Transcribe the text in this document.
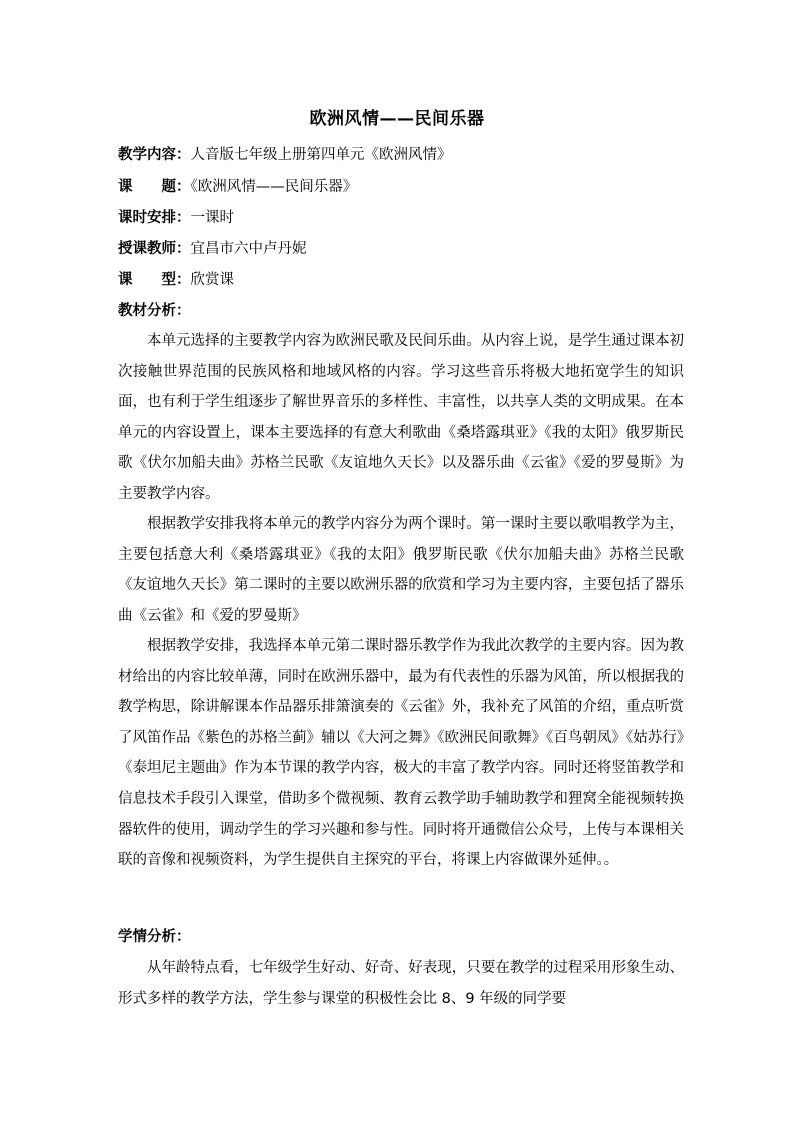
欧洲风情——民间乐器
教学内容：人音版七年级上册第四单元《欧洲风情》
课　　题：《欧洲风情——民间乐器》
课时安排：一课时
授课教师：宜昌市六中卢丹妮
课　　型：欣赏课
教材分析：
本单元选择的主要教学内容为欧洲民歌及民间乐曲。从内容上说，是学生通过课本初次接触世界范围的民族风格和地域风格的内容。学习这些音乐将极大地拓宽学生的知识面，也有利于学生组逐步了解世界音乐的多样性、丰富性，以共享人类的文明成果。在本单元的内容设置上，课本主要选择的有意大利歌曲《桑塔露琪亚》《我的太阳》俄罗斯民歌《伏尔加船夫曲》苏格兰民歌《友谊地久天长》以及器乐曲《云雀》《爱的罗曼斯》为主要教学内容。
根据教学安排我将本单元的教学内容分为两个课时。第一课时主要以歌唱教学为主，主要包括意大利《桑塔露琪亚》《我的太阳》俄罗斯民歌《伏尔加船夫曲》苏格兰民歌《友谊地久天长》第二课时的主要以欧洲乐器的欣赏和学习为主要内容，主要包括了器乐曲《云雀》和《爱的罗曼斯》
根据教学安排，我选择本单元第二课时器乐教学作为我此次教学的主要内容。因为教材给出的内容比较单薄，同时在欧洲乐器中，最为有代表性的乐器为风笛，所以根据我的教学构思，除讲解课本作品器乐排箫演奏的《云雀》外，我补充了风笛的介绍，重点听赏了风笛作品《紫色的苏格兰蓟》辅以《大河之舞》《欧洲民间歌舞》《百鸟朝凤》《姑苏行》《泰坦尼主题曲》作为本节课的教学内容，极大的丰富了教学内容。同时还将竖笛教学和信息技术手段引入课堂，借助多个微视频、教育云教学助手辅助教学和狸窝全能视频转换器软件的使用，调动学生的学习兴趣和参与性。同时将开通微信公众号，上传与本课相关联的音像和视频资料，为学生提供自主探究的平台，将课上内容做课外延伸。。
学情分析：
从年龄特点看，七年级学生好动、好奇、好表现，只要在教学的过程采用形象生动、形式多样的教学方法，学生参与课堂的积极性会比 8、9 年级的同学要
